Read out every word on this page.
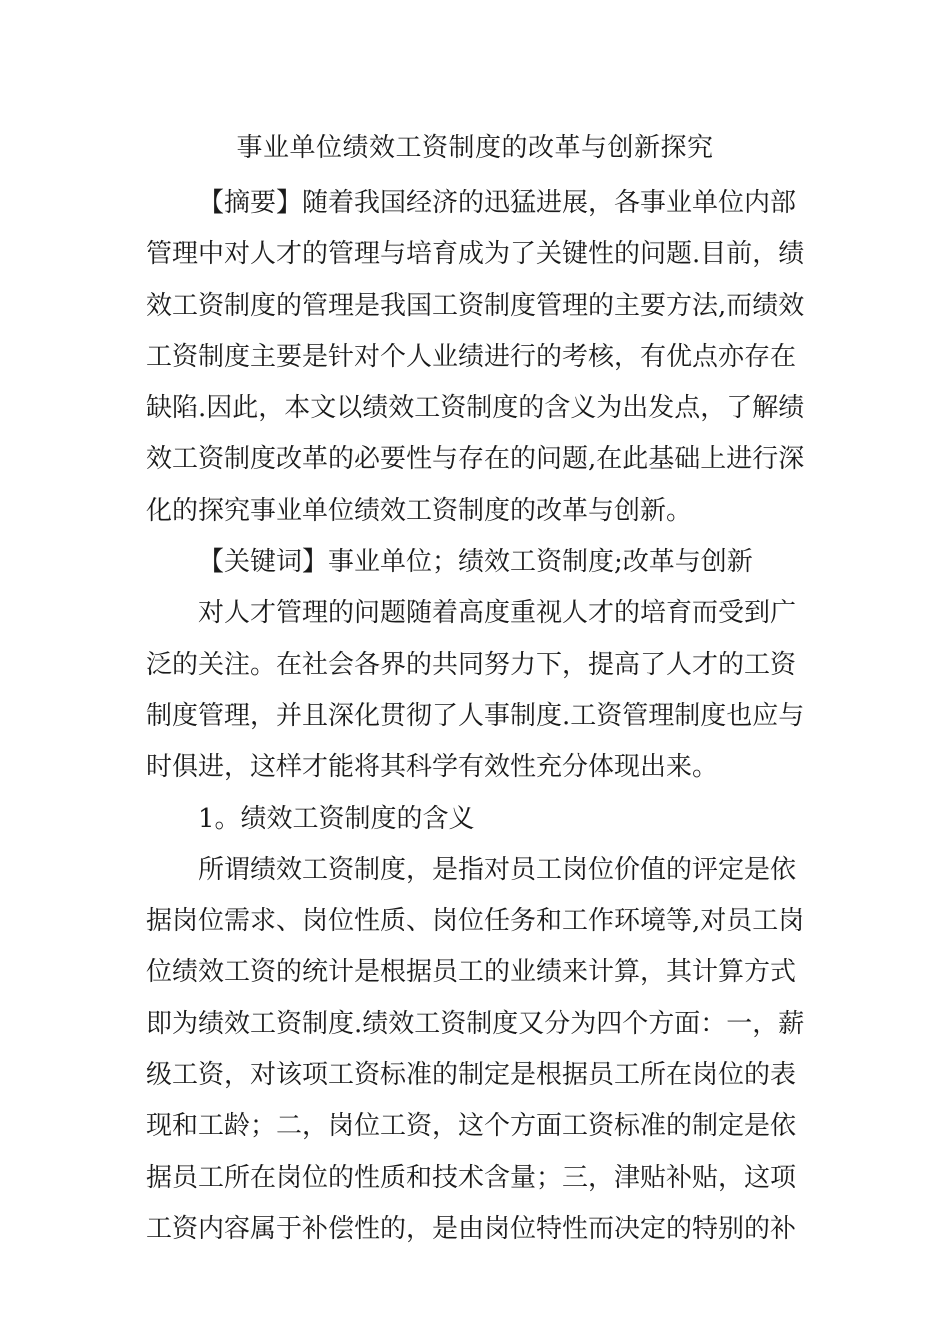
事业单位绩效工资制度的改革与创新探究
【摘要】随着我国经济的迅猛进展，各事业单位内部
管理中对人才的管理与培育成为了关键性的问题.目前，绩
效工资制度的管理是我国工资制度管理的主要方法,而绩效
工资制度主要是针对个人业绩进行的考核，有优点亦存在
缺陷.因此，本文以绩效工资制度的含义为出发点，了解绩
效工资制度改革的必要性与存在的问题,在此基础上进行深
化的探究事业单位绩效工资制度的改革与创新。
【关键词】事业单位；绩效工资制度;改革与创新
对人才管理的问题随着高度重视人才的培育而受到广
泛的关注。在社会各界的共同努力下，提高了人才的工资
制度管理，并且深化贯彻了人事制度.工资管理制度也应与
时俱进，这样才能将其科学有效性充分体现出来。
1。绩效工资制度的含义
所谓绩效工资制度，是指对员工岗位价值的评定是依
据岗位需求、岗位性质、岗位任务和工作环境等,对员工岗
位绩效工资的统计是根据员工的业绩来计算，其计算方式
即为绩效工资制度.绩效工资制度又分为四个方面：一，薪
级工资，对该项工资标准的制定是根据员工所在岗位的表
现和工龄；二，岗位工资，这个方面工资标准的制定是依
据员工所在岗位的性质和技术含量；三，津贴补贴，这项
工资内容属于补偿性的，是由岗位特性而决定的特别的补
